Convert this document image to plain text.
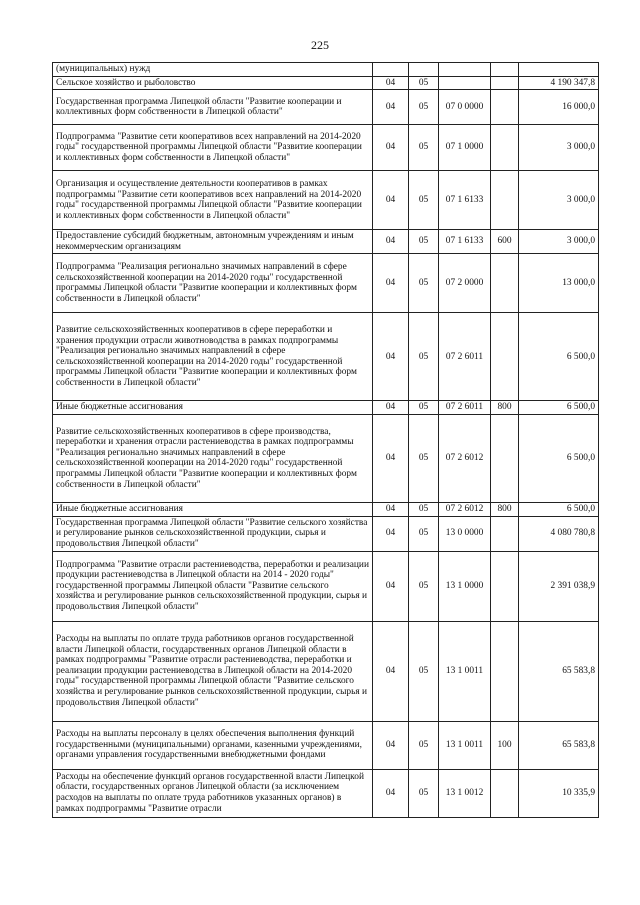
225
(муниципальных) нужд					
Сельское хозяйство и рыболовство	04	05			4 190 347,8
Государственная программа Липецкой области "Развитие кооперации и коллективных форм собственности в Липецкой области"	04	05	07 0 0000		16 000,0
Подпрограмма "Развитие сети кооперативов всех направлений на 2014-2020 годы" государственной программы Липецкой области "Развитие кооперации и коллективных форм собственности в Липецкой области"	04	05	07 1 0000		3 000,0
Организация и осуществление деятельности кооперативов в рамках подпрограммы "Развитие сети кооперативов всех направлений на 2014-2020 годы" государственной программы Липецкой области "Развитие кооперации и коллективных форм собственности в Липецкой области"	04	05	07 1 6133		3 000,0
Предоставление субсидий бюджетным, автономным учреждениям и иным некоммерческим организациям	04	05	07 1 6133	600	3 000,0
Подпрограмма "Реализация регионально значимых направлений в сфере сельскохозяйственной кооперации на 2014-2020 годы" государственной программы Липецкой области "Развитие кооперации и коллективных форм собственности в Липецкой области"	04	05	07 2 0000		13 000,0
Развитие сельскохозяйственных кооперативов в сфере переработки и хранения продукции отрасли животноводства в рамках подпрограммы "Реализация регионально значимых направлений в сфере сельскохозяйственной кооперации на 2014-2020 годы" государственной программы Липецкой области "Развитие кооперации и коллективных форм собственности в Липецкой области"	04	05	07 2 6011		6 500,0
Иные бюджетные ассигнования	04	05	07 2 6011	800	6 500,0
Развитие сельскохозяйственных кооперативов в сфере производства, переработки и хранения отрасли растениеводства в рамках подпрограммы "Реализация регионально значимых направлений в сфере сельскохозяйственной кооперации на 2014-2020 годы" государственной программы Липецкой области "Развитие кооперации и коллективных форм собственности в Липецкой области"	04	05	07 2 6012		6 500,0
Иные бюджетные ассигнования	04	05	07 2 6012	800	6 500,0
Государственная программа Липецкой области "Развитие сельского хозяйства и регулирование рынков сельскохозяйственной продукции, сырья и продовольствия Липецкой области"	04	05	13 0 0000		4 080 780,8
Подпрограмма "Развитие отрасли растениеводства, переработки и реализации продукции растениеводства в Липецкой области на 2014 - 2020 годы" государственной программы Липецкой области "Развитие сельского хозяйства и регулирование рынков сельскохозяйственной продукции, сырья и продовольствия Липецкой области"	04	05	13 1 0000		2 391 038,9
Расходы на выплаты по оплате труда работников органов государственной власти Липецкой области, государственных органов Липецкой области в рамках подпрограммы "Развитие отрасли растениеводства, переработки и реализации продукции растениеводства в Липецкой области на 2014-2020 годы" государственной программы Липецкой области "Развитие сельского хозяйства и регулирование рынков сельскохозяйственной продукции, сырья и продовольствия Липецкой области"	04	05	13 1 0011		65 583,8
Расходы на выплаты персоналу в целях обеспечения выполнения функций государственными (муниципальными) органами, казенными учреждениями, органами управления государственными внебюджетными фондами	04	05	13 1 0011	100	65 583,8
Расходы на обеспечение функций органов государственной власти Липецкой области, государственных органов Липецкой области (за исключением расходов на выплаты по оплате труда работников указанных органов) в рамках подпрограммы "Развитие отрасли	04	05	13 1 0012		10 335,9
